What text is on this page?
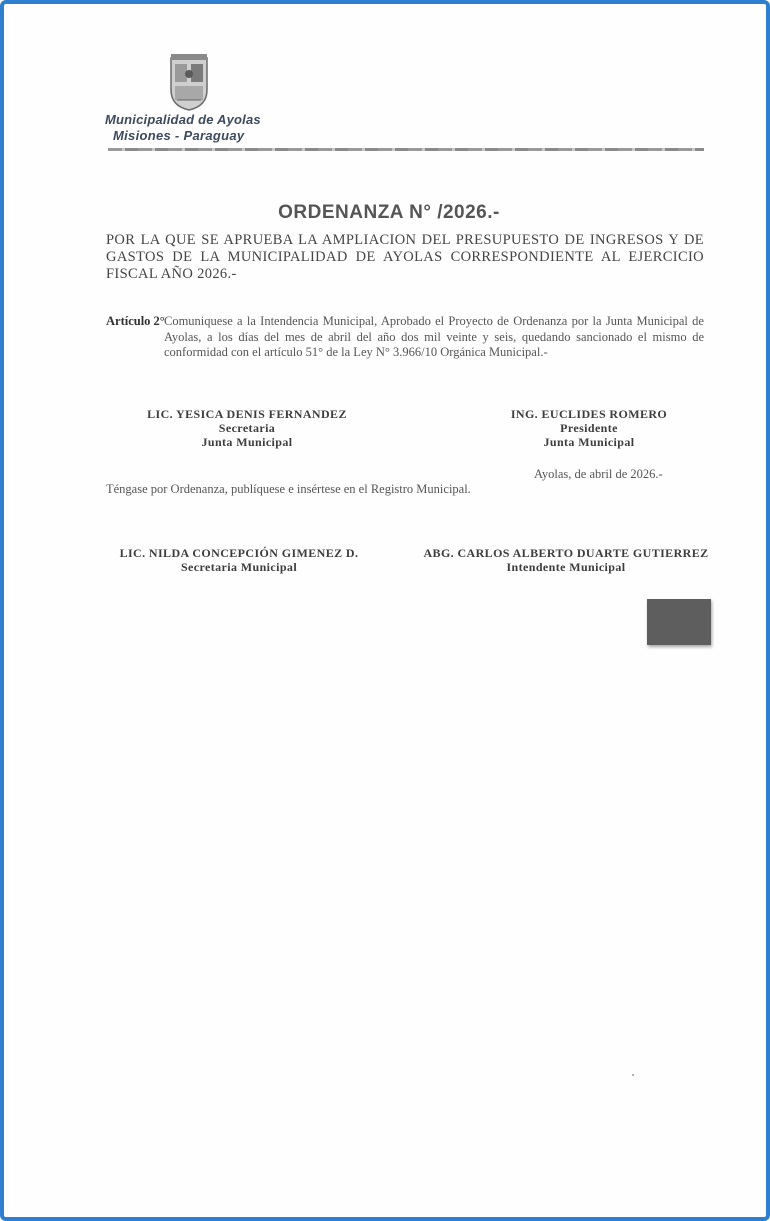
Municipalidad de Ayolas
Misiones - Paraguay
ORDENANZA N° /2026.-
POR LA QUE SE APRUEBA LA AMPLIACION DEL PRESUPUESTO DE INGRESOS Y DE GASTOS DE LA MUNICIPALIDAD DE AYOLAS CORRESPONDIENTE AL EJERCICIO FISCAL AÑO 2026.-
Artículo 2° Comuniquese a la Intendencia Municipal, Aprobado el Proyecto de Ordenanza por la Junta Municipal de Ayolas, a los días del mes de abril del año dos mil veinte y seis, quedando sancionado el mismo de conformidad con el artículo 51° de la Ley N° 3.966/10 Orgánica Municipal.-
LIC. YESICA DENIS FERNANDEZ
Secretaria
Junta Municipal
ING. EUCLIDES ROMERO
Presidente
Junta Municipal
Ayolas, de abril de 2026.-
Téngase por Ordenanza, publíquese e insértese en el Registro Municipal.
LIC. NILDA CONCEPCIÓN GIMENEZ D.
Secretaria Municipal
ABG. CARLOS ALBERTO DUARTE GUTIERREZ
Intendente Municipal
